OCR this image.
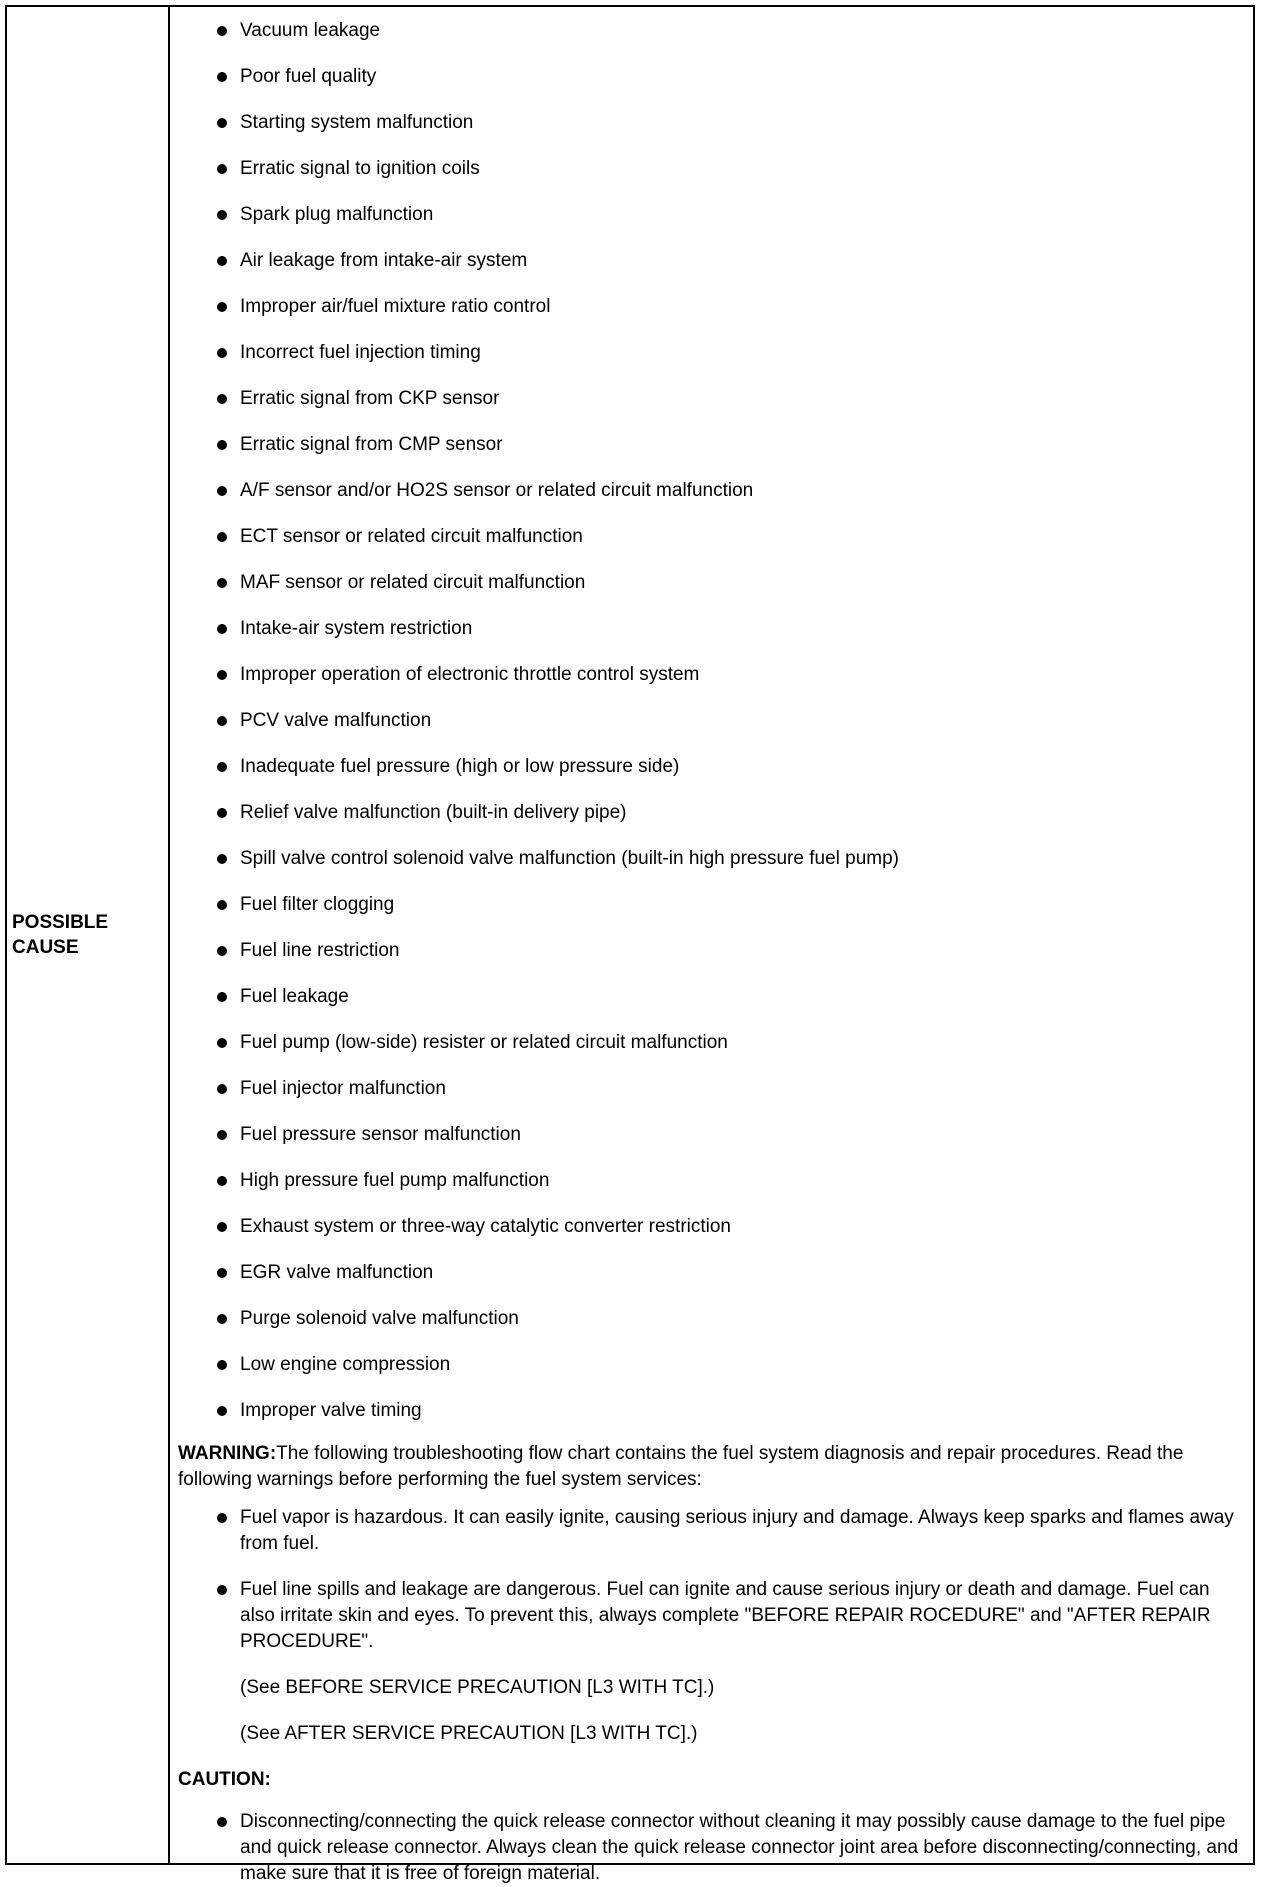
POSSIBLE
CAUSE
Vacuum leakage
Poor fuel quality
Starting system malfunction
Erratic signal to ignition coils
Spark plug malfunction
Air leakage from intake-air system
Improper air/fuel mixture ratio control
Incorrect fuel injection timing
Erratic signal from CKP sensor
Erratic signal from CMP sensor
A/F sensor and/or HO2S sensor or related circuit malfunction
ECT sensor or related circuit malfunction
MAF sensor or related circuit malfunction
Intake-air system restriction
Improper operation of electronic throttle control system
PCV valve malfunction
Inadequate fuel pressure (high or low pressure side)
Relief valve malfunction (built-in delivery pipe)
Spill valve control solenoid valve malfunction (built-in high pressure fuel pump)
Fuel filter clogging
Fuel line restriction
Fuel leakage
Fuel pump (low-side) resister or related circuit malfunction
Fuel injector malfunction
Fuel pressure sensor malfunction
High pressure fuel pump malfunction
Exhaust system or three-way catalytic converter restriction
EGR valve malfunction
Purge solenoid valve malfunction
Low engine compression
Improper valve timing
WARNING:The following troubleshooting flow chart contains the fuel system diagnosis and repair procedures. Read the following warnings before performing the fuel system services:
Fuel vapor is hazardous. It can easily ignite, causing serious injury and damage. Always keep sparks and flames away from fuel.
Fuel line spills and leakage are dangerous. Fuel can ignite and cause serious injury or death and damage. Fuel can also irritate skin and eyes. To prevent this, always complete "BEFORE REPAIR ROCEDURE" and "AFTER REPAIR PROCEDURE".
(See BEFORE SERVICE PRECAUTION [L3 WITH TC].)
(See AFTER SERVICE PRECAUTION [L3 WITH TC].)
CAUTION:
Disconnecting/connecting the quick release connector without cleaning it may possibly cause damage to the fuel pipe and quick release connector. Always clean the quick release connector joint area before disconnecting/connecting, and make sure that it is free of foreign material.
